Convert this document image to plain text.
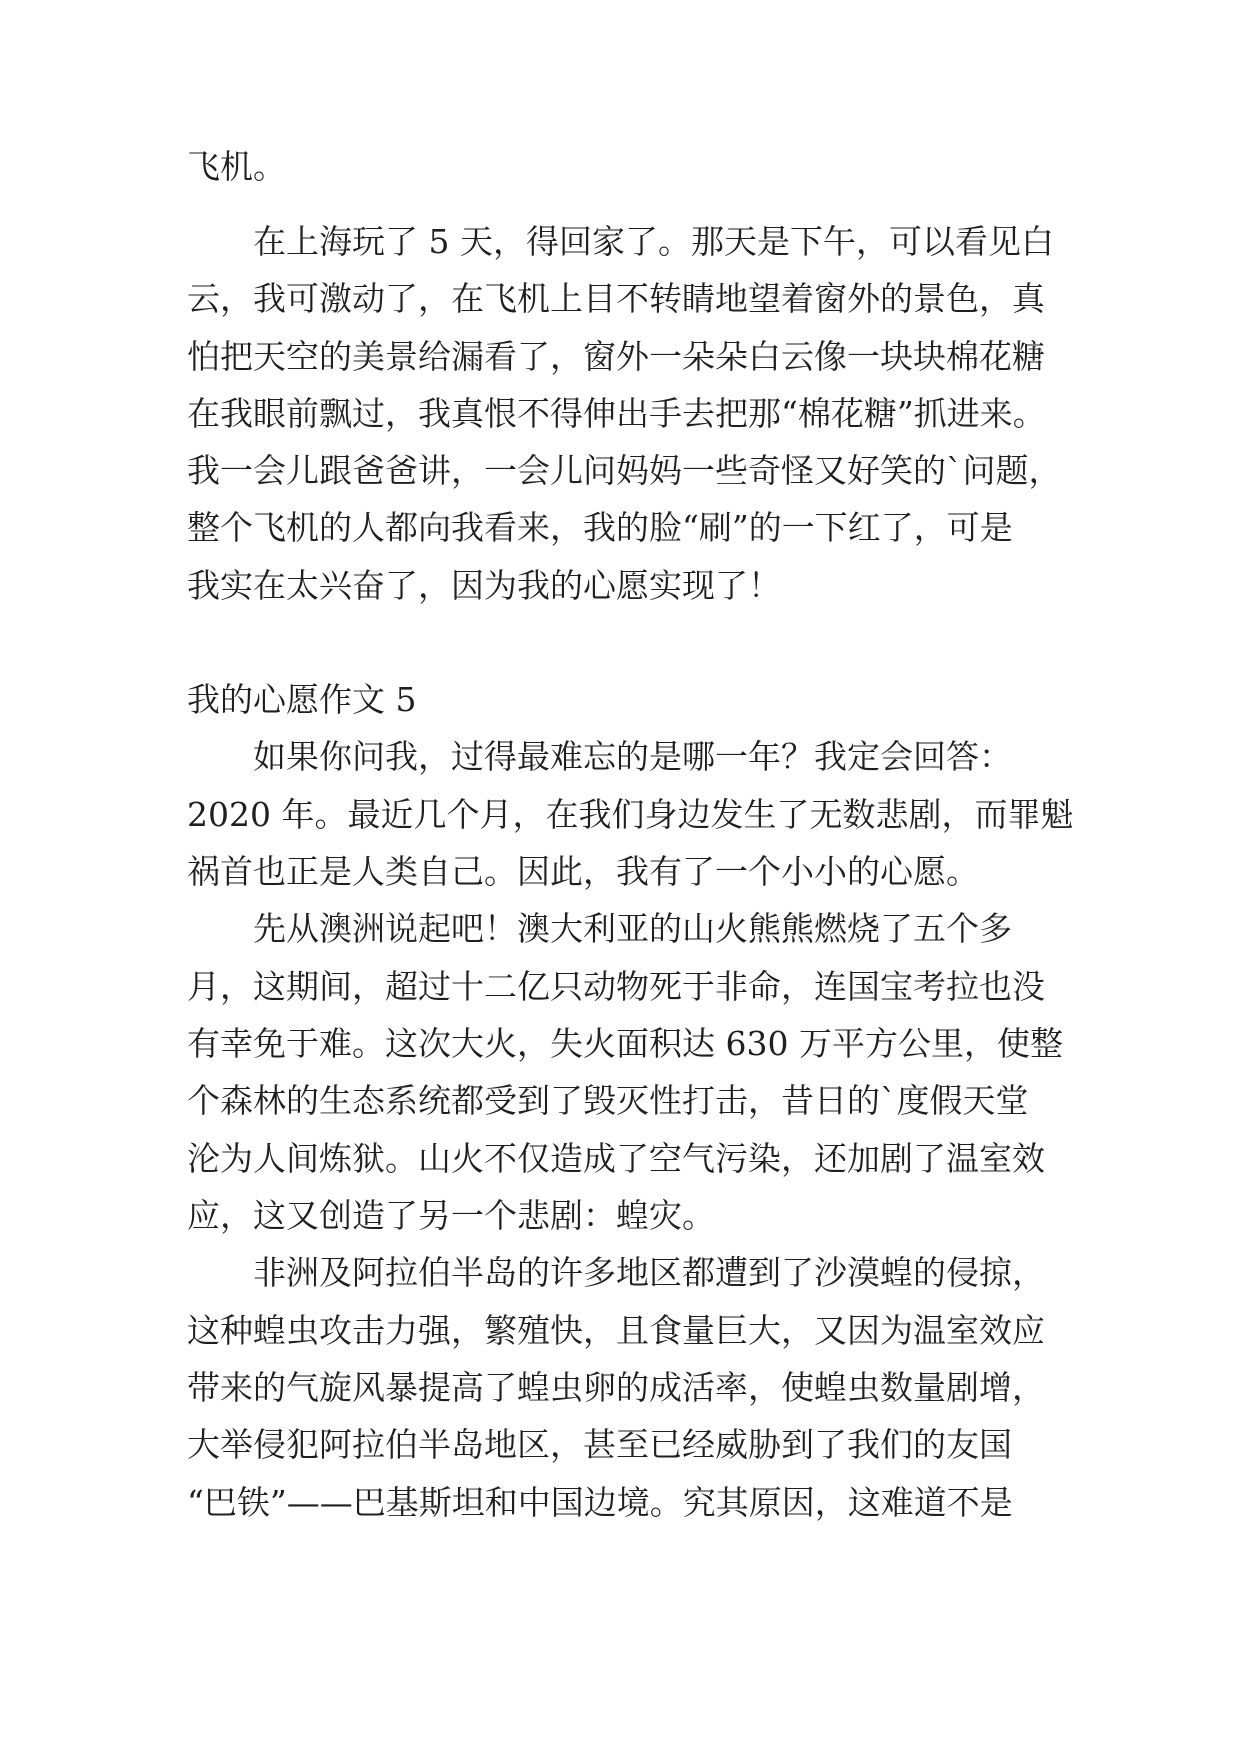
飞机。
在上海玩了 5 天，得回家了。那天是下午，可以看见白
云，我可激动了，在飞机上目不转睛地望着窗外的景色，真
怕把天空的美景给漏看了，窗外一朵朵白云像一块块棉花糖
在我眼前飘过，我真恨不得伸出手去把那“棉花糖”抓进来。
我一会儿跟爸爸讲，一会儿问妈妈一些奇怪又好笑的`问题，
整个飞机的人都向我看来，我的脸“刷”的一下红了，可是
我实在太兴奋了，因为我的心愿实现了！
我的心愿作文 5
如果你问我，过得最难忘的是哪一年？我定会回答：
2020 年。最近几个月，在我们身边发生了无数悲剧，而罪魁
祸首也正是人类自己。因此，我有了一个小小的心愿。
先从澳洲说起吧！澳大利亚的山火熊熊燃烧了五个多
月，这期间，超过十二亿只动物死于非命，连国宝考拉也没
有幸免于难。这次大火，失火面积达 630 万平方公里，使整
个森林的生态系统都受到了毁灭性打击，昔日的`度假天堂
沦为人间炼狱。山火不仅造成了空气污染，还加剧了温室效
应，这又创造了另一个悲剧：蝗灾。
非洲及阿拉伯半岛的许多地区都遭到了沙漠蝗的侵掠，
这种蝗虫攻击力强，繁殖快，且食量巨大，又因为温室效应
带来的气旋风暴提高了蝗虫卵的成活率，使蝗虫数量剧增，
大举侵犯阿拉伯半岛地区，甚至已经威胁到了我们的友国
“巴铁”——巴基斯坦和中国边境。究其原因，这难道不是
